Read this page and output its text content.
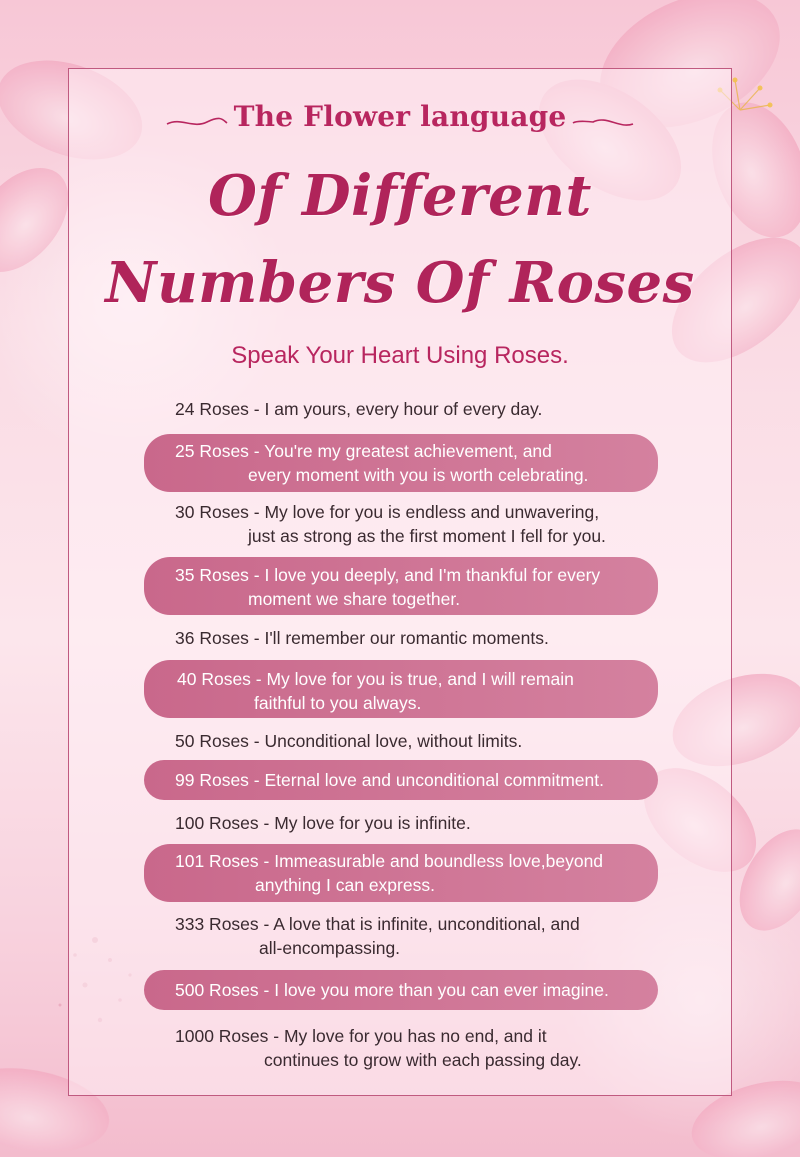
The Flower language
Of Different
Numbers Of Roses
Speak Your Heart Using Roses.
24 Roses - I am yours, every hour of every day.
25 Roses - You're my greatest achievement, and
every moment with you is worth celebrating.
30 Roses - My love for you is endless and unwavering,
just as strong as the first moment I fell for you.
35 Roses - I love you deeply, and I'm thankful for every
moment we share together.
36 Roses - I'll remember our romantic moments.
40 Roses - My love for you is true, and I will remain
faithful to you always.
50 Roses - Unconditional love, without limits.
99 Roses - Eternal love and unconditional commitment.
100 Roses - My love for you is infinite.
101 Roses - Immeasurable and boundless love,beyond
anything I can express.
333 Roses - A love that is infinite, unconditional, and
all-encompassing.
500 Roses - I love you more than you can ever imagine.
1000 Roses - My love for you has no end, and it
continues to grow with each passing day.
